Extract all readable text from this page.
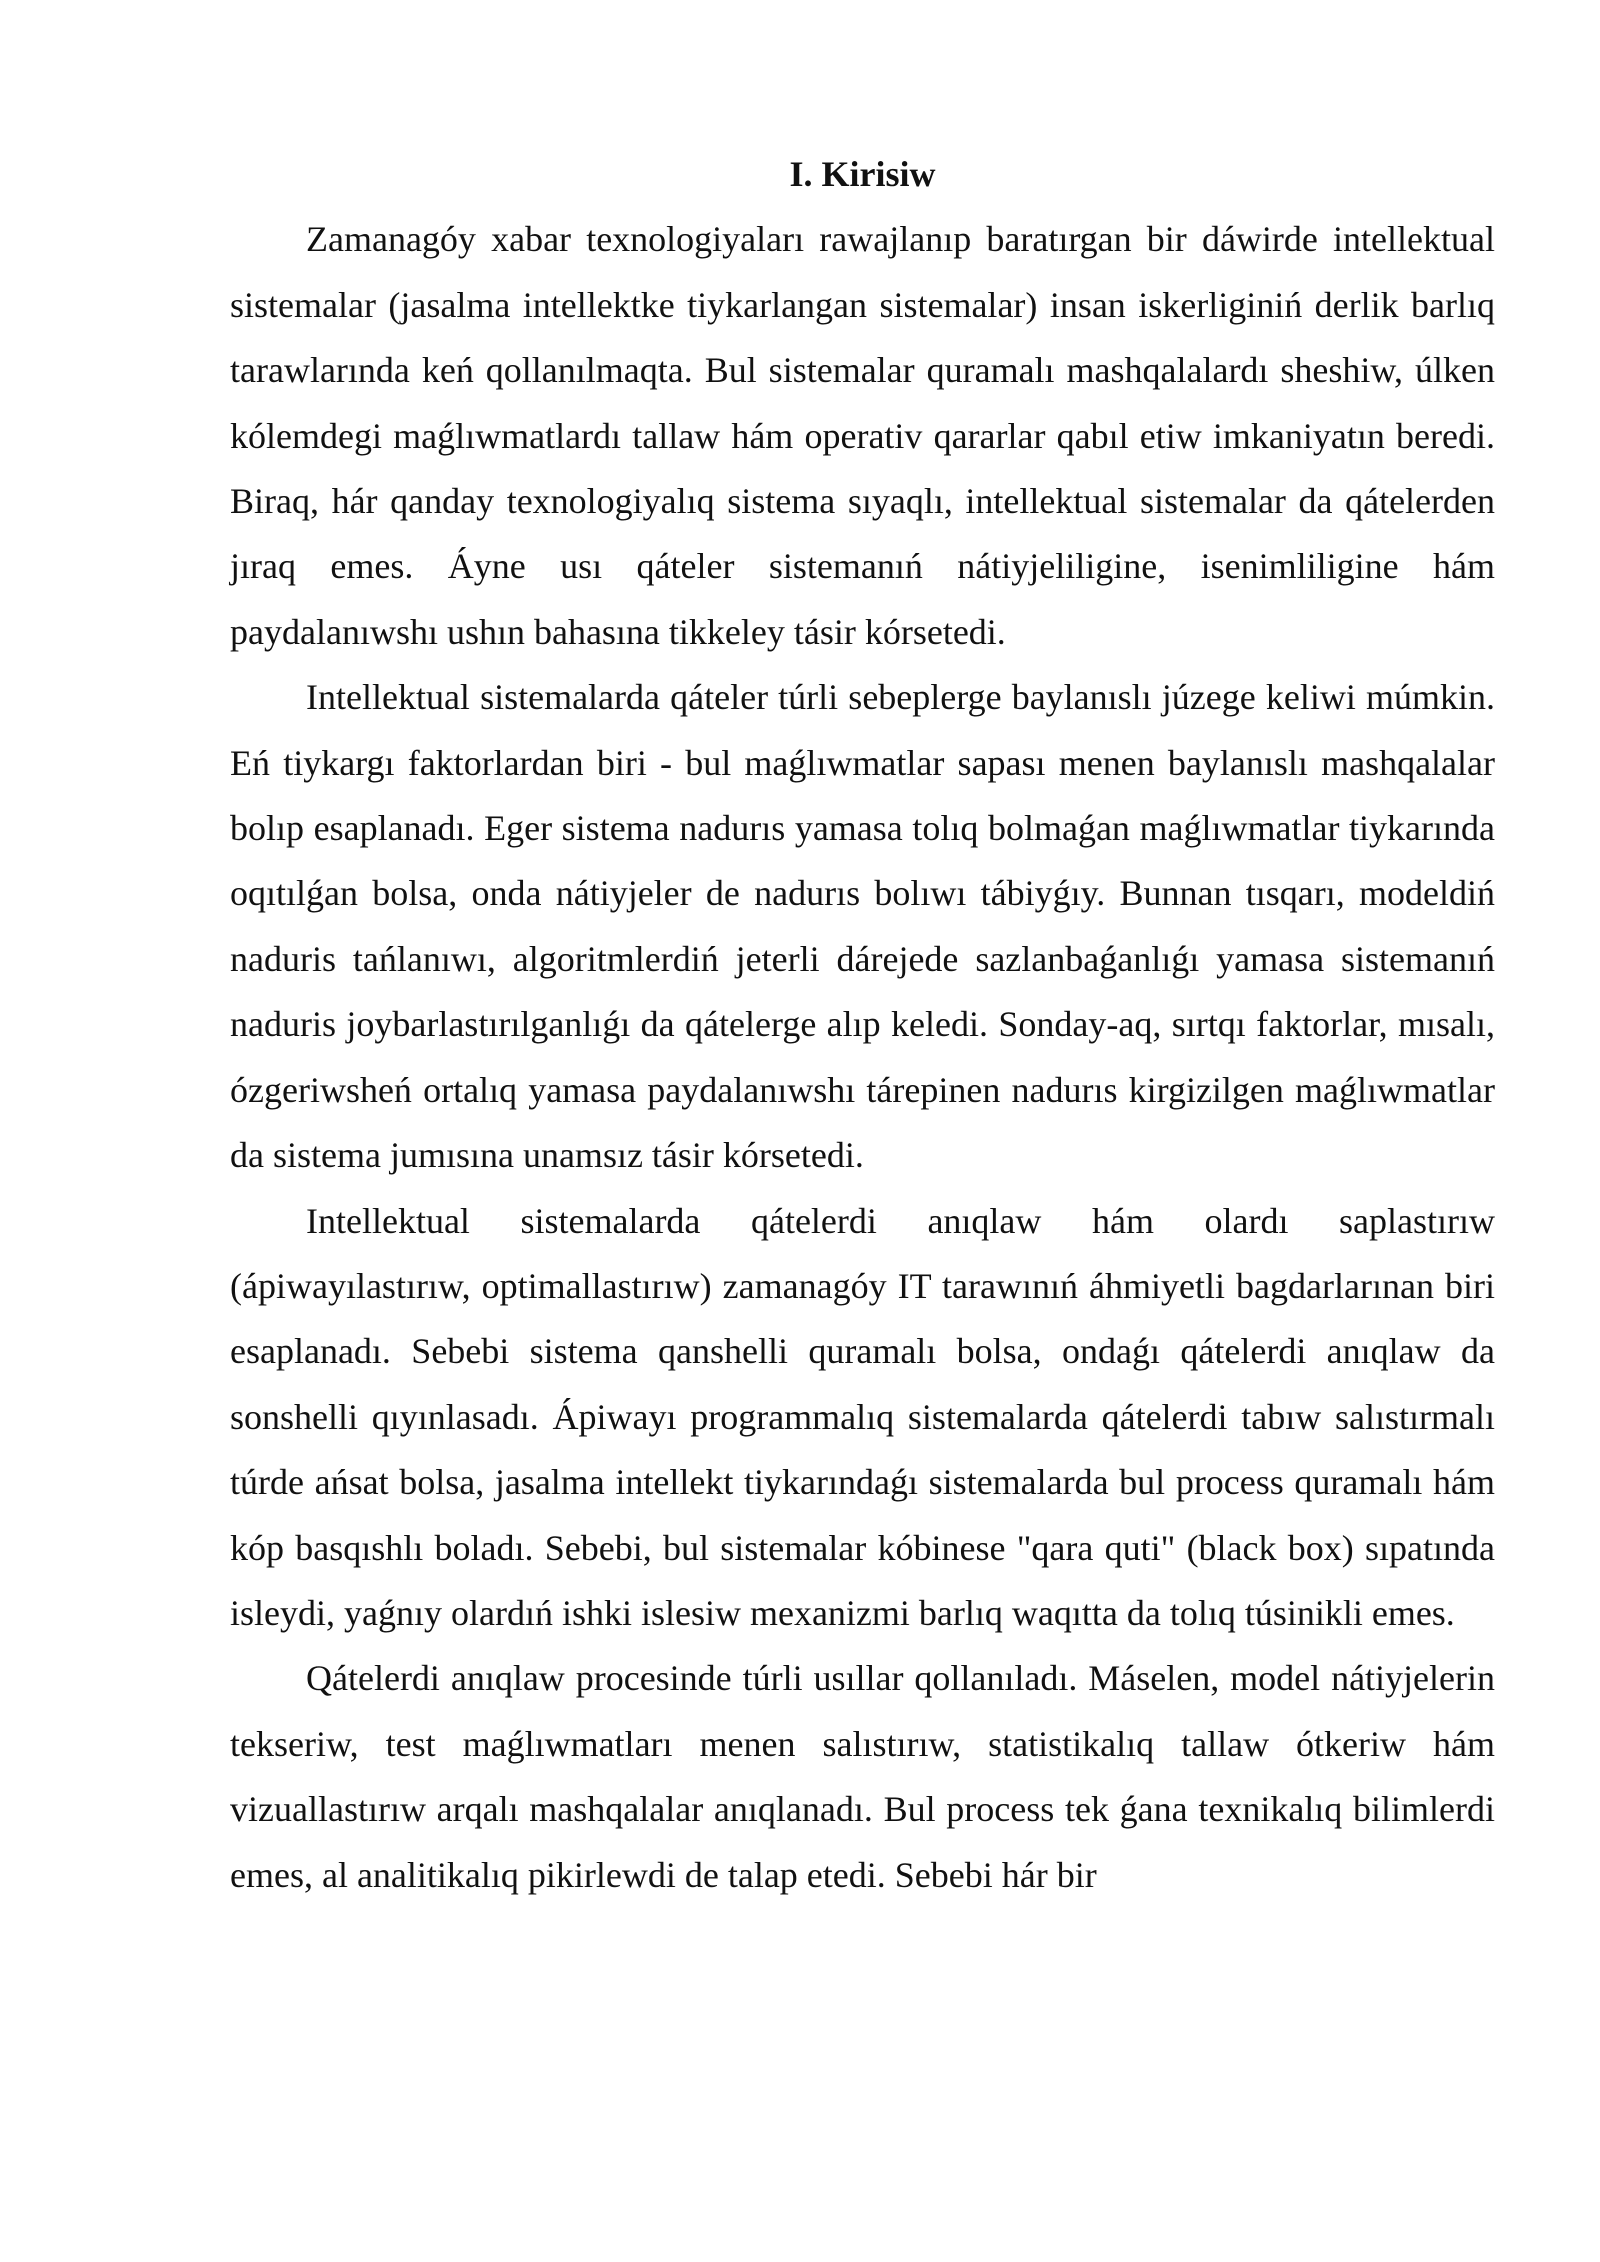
I. Kirisiw

Zamanagóy xabar texnologiyaları rawajlanıp baratırgan bir dáwirde intellektual sistemalar (jasalma intellektke tiykarlangan sistemalar) insan iskerliginiń derlik barlıq tarawlarında keń qollanılmaqta. Bul sistemalar quramalı mashqalalardı sheshiw, úlken kólemdegi maǵlıwmatlardı tallaw hám operativ qararlar qabıl etiw imkaniyatın beredi. Biraq, hár qanday texnologiyalıq sistema sıyaqlı, intellektual sistemalar da qátelerden jıraq emes. Áyne usı qáteler sistemanıń nátiyjeliligine, isenimliligine hám paydalanıwshı ushın bahasına tikkeley tásir kórsetedi.

Intellektual sistemalarda qáteler túrli sebeplerge baylanıslı júzege keliwi múmkin. Eń tiykargı faktorlardan biri - bul maǵlıwmatlar sapası menen baylanıslı mashqalalar bolıp esaplanadı. Eger sistema nadurıs yamasa tolıq bolmaǵan maǵlıwmatlar tiykarında oqıtılǵan bolsa, onda nátiyjeler de nadurıs bolıwı tábiyǵıy. Bunnan tısqarı, modeldiń naduris tańlanıwı, algoritmlerdiń jeterli dárejede sazlanbaǵanlıǵı yamasa sistemanıń naduris joybarlastırılganlıǵı da qátelerge alıp keledi. Sonday-aq, sırtqı faktorlar, mısalı, ózgeriwsheń ortalıq yamasa paydalanıwshı tárepinen nadurıs kirgizilgen maǵlıwmatlar da sistema jumısına unamsız tásir kórsetedi.

Intellektual sistemalarda qátelerdi anıqlaw hám olardı saplastırıw (ápiwayılastırıw, optimallastırıw) zamanagóy IT tarawınıń áhmiyetli bagdarlarınan biri esaplanadı. Sebebi sistema qanshelli quramalı bolsa, ondaǵı qátelerdi anıqlaw da sonshelli qıyınlasadı. Ápiwayı programmalıq sistemalarda qátelerdi tabıw salıstırmalı túrde ańsat bolsa, jasalma intellekt tiykarındaǵı sistemalarda bul process quramalı hám kóp basqıshlı boladı. Sebebi, bul sistemalar kóbinese "qara quti" (black box) sıpatında isleydi, yaǵnıy olardıń ishki islesiw mexanizmi barlıq waqıtta da tolıq túsinikli emes.

Qátelerdi anıqlaw procesinde túrli usıllar qollanıladı. Máselen, model nátiyjelerin tekseriw, test maǵlıwmatları menen salıstırıw, statistikalıq tallaw ótkeriw hám vizuallastırıw arqalı mashqalalar anıqlanadı. Bul process tek ǵana texnikalıq bilimlerdi emes, al analitikalıq pikirlewdi de talap etedi. Sebebi hár bir
